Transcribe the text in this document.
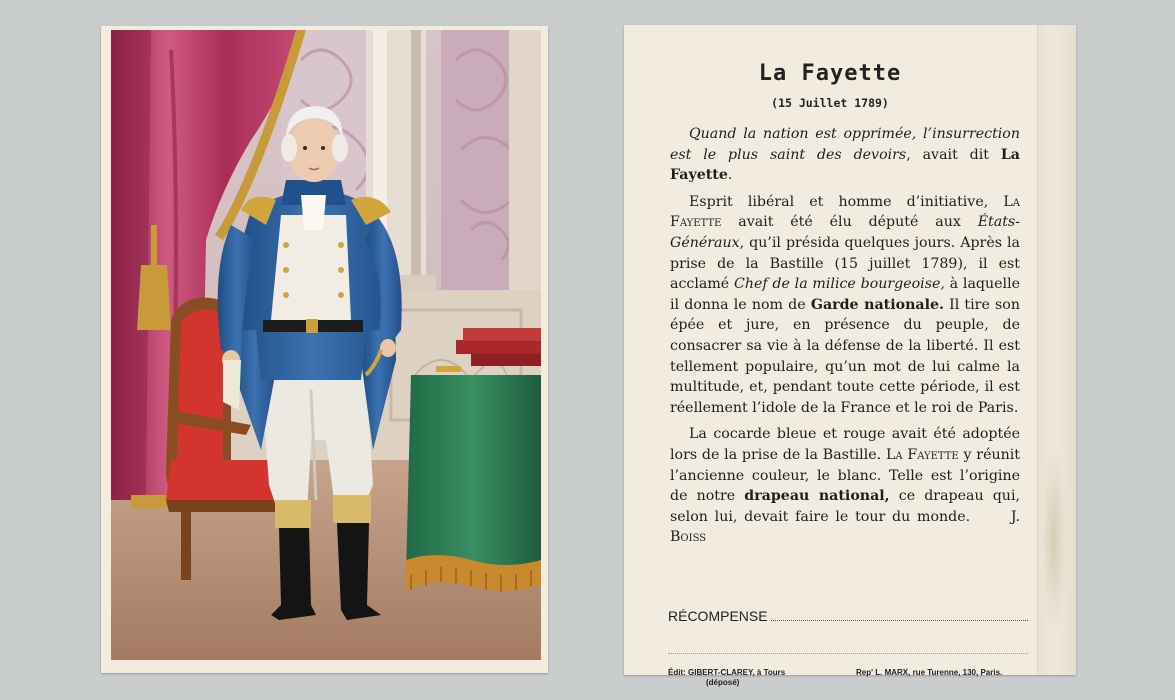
La Fayette
(15 Juillet 1789)

Quand la nation est opprimée, l’insurrection est le plus saint des devoirs, avait dit La Fayette.

Esprit libéral et homme d’initiative, La Fayette avait été élu député aux États-Généraux, qu’il présida quelques jours. Après la prise de la Bastille (15 juillet 1789), il est acclamé Chef de la milice bourgeoise, à laquelle il donna le nom de Garde nationale. Il tire son épée et jure, en présence du peuple, de consacrer sa vie à la défense de la liberté. Il est tellement populaire, qu’un mot de lui calme la multitude, et, pendant toute cette période, il est réellement l’idole de la France et le roi de Paris.

La cocarde bleue et rouge avait été adoptée lors de la prise de la Bastille. La Fayette y réunit l’ancienne couleur, le blanc. Telle est l’origine de notre drapeau national, ce drapeau qui, selon lui, devait faire le tour du monde.	J. Boiss

RÉCOMPENSE
Édit: GIBERT-CLAREY, à Tours
(déposé)
Rep' L. MARX, rue Turenne, 130, Paris.
